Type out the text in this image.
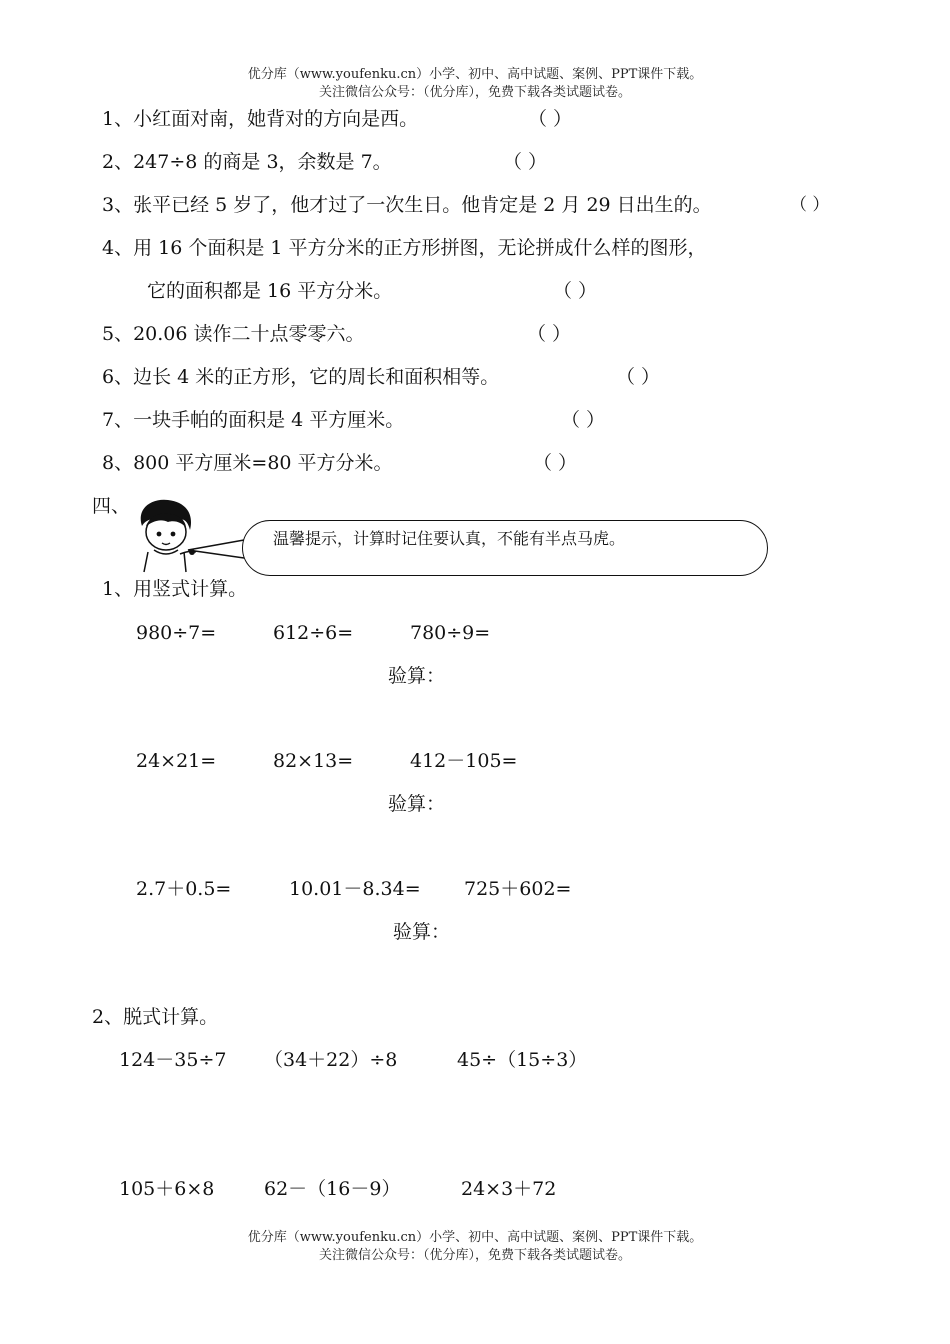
优分库（www.youfenku.cn）小学、初中、高中试题、案例、PPT课件下载。
关注微信公众号：（优分库），免费下载各类试题试卷。
1、小红面对南，她背对的方向是西。	（ ）
2、247÷8 的商是 3，余数是 7。	（ ）
3、张平已经 5 岁了，他才过了一次生日。他肯定是 2 月 29 日出生的。	（ ）
4、用 16 个面积是 1 平方分米的正方形拼图，无论拼成什么样的图形，
它的面积都是 16 平方分米。	（ ）
5、20.06 读作二十点零零六。	（ ）
6、边长 4 米的正方形，它的周长和面积相等。	（ ）
7、一块手帕的面积是 4 平方厘米。	（ ）
8、800 平方厘米=80 平方分米。	（ ）
四、
温馨提示，计算时记住要认真，不能有半点马虎。
1、用竖式计算。
980÷7=	612÷6=	780÷9=
验算：
24×21=	82×13=	412－105=
验算：
2.7＋0.5=	10.01－8.34= 725＋602=
验算：
2、脱式计算。
124－35÷7 （34＋22）÷8	45÷（15÷3）
105＋6×8	62－（16－9）	24×3＋72
优分库（www.youfenku.cn）小学、初中、高中试题、案例、PPT课件下载。
关注微信公众号：（优分库），免费下载各类试题试卷。
